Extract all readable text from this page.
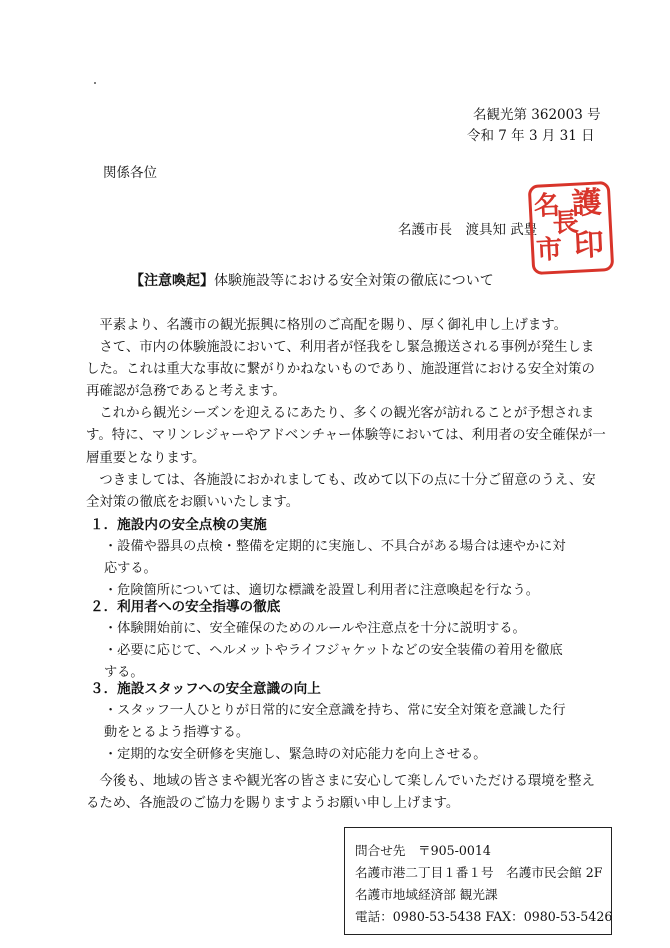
名観光第 362003 号
令和 7 年 3 月 31 日
関係各位
名護市長　渡具知 武豊
護
印
長
名
市
【注意喚起】体験施設等における安全対策の徹底について

平素より、名護市の観光振興に格別のご高配を賜り、厚く御礼申し上げます。

さて、市内の体験施設において、利用者が怪我をし緊急搬送される事例が発生しました。これは重大な事故に繋がりかねないものであり、施設運営における安全対策の再確認が急務であると考えます。

これから観光シーズンを迎えるにあたり、多くの観光客が訪れることが予想されます。特に、マリンレジャーやアドベンチャー体験等においては、利用者の安全確保が一層重要となります。

つきましては、各施設におかれましても、改めて以下の点に十分ご留意のうえ、安全対策の徹底をお願いいたします。

１．施設内の安全点検の実施

・設備や器具の点検・整備を定期的に実施し、不具合がある場合は速やかに対応する。

・危険箇所については、適切な標識を設置し利用者に注意喚起を行なう。

２．利用者への安全指導の徹底

・体験開始前に、安全確保のためのルールや注意点を十分に説明する。

・必要に応じて、ヘルメットやライフジャケットなどの安全装備の着用を徹底する。

３．施設スタッフへの安全意識の向上

・スタッフ一人ひとりが日常的に安全意識を持ち、常に安全対策を意識した行動をとるよう指導する。

・定期的な安全研修を実施し、緊急時の対応能力を向上させる。

今後も、地域の皆さまや観光客の皆さまに安心して楽しんでいただける環境を整えるため、各施設のご協力を賜りますようお願い申し上げます。

問合せ先　〒905-0014
名護市港二丁目１番１号　名護市民会館 2F
名護市地域経済部 観光課
電話：0980-53-5438 FAX：0980-53-5426
